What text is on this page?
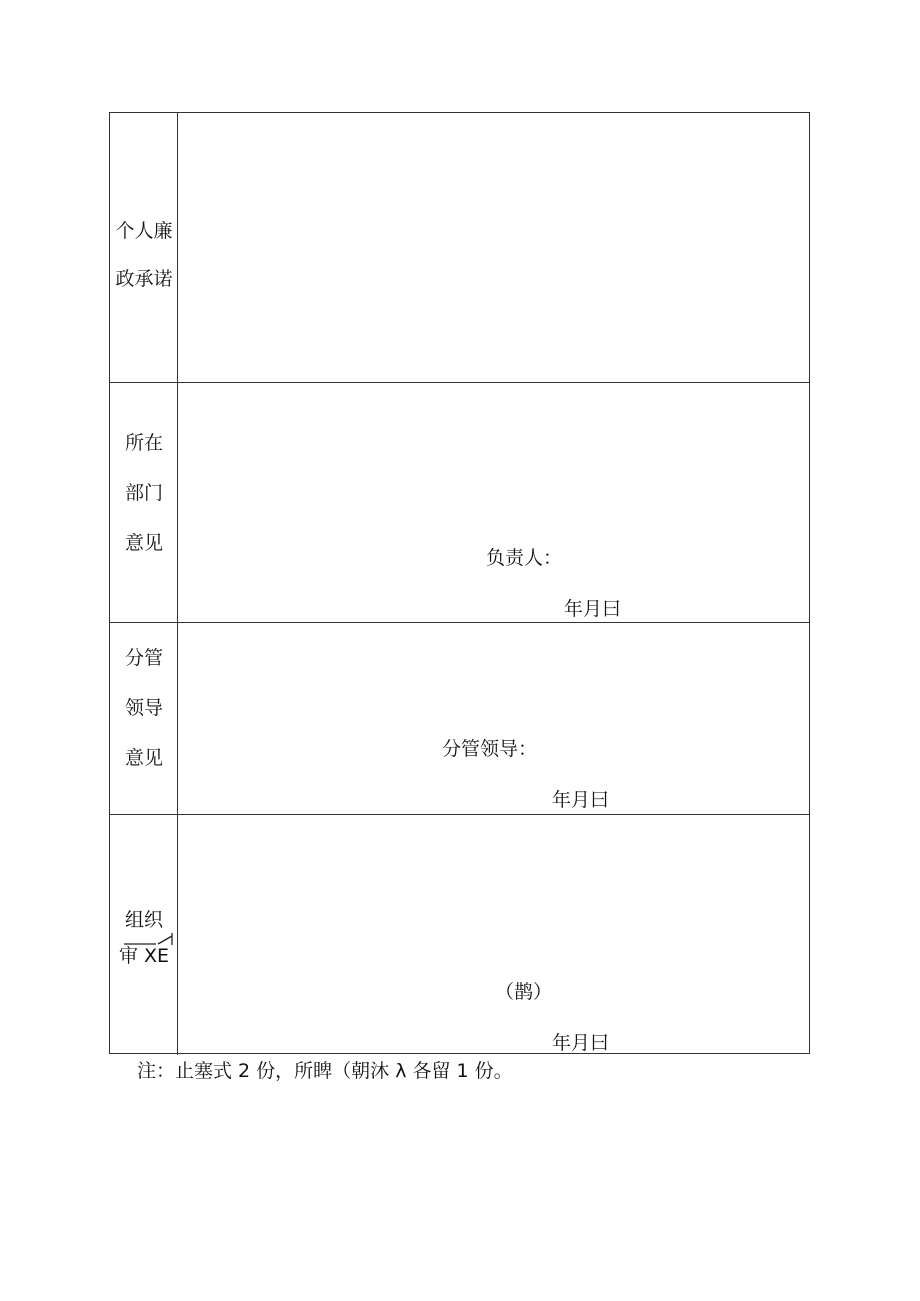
个人廉
政承诺
所在
部门
意见
负责人：
年月曰
分管
领导
意见	分管领导：
年月曰
组织
审 XE
（鹊）
年月曰
注：止塞式 2 份，所睥（朝沐 λ 各留 1 份。
